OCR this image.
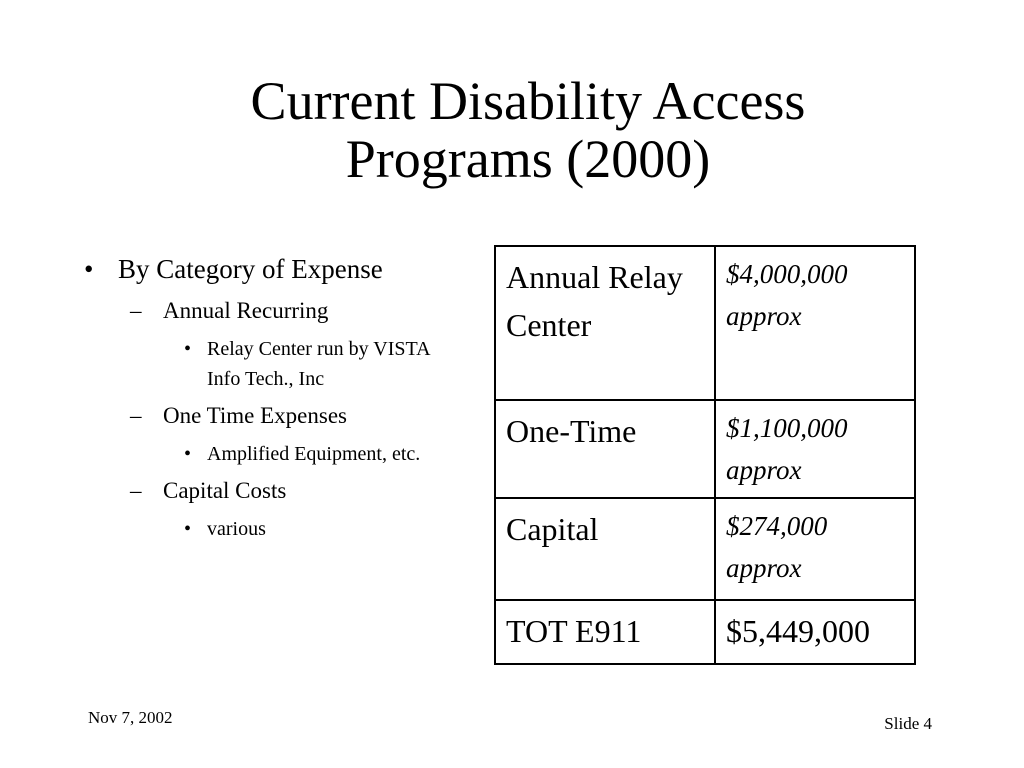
Current Disability Access
Programs (2000)
• By Category of Expense
– Annual Recurring
• Relay Center run by VISTA Info Tech., Inc
– One Time Expenses
• Amplified Equipment, etc.
– Capital Costs
• various
Annual Relay Center	$4,000,000
approx

One-Time	$1,100,000
approx

Capital	$274,000
approx

TOT E911	$5,449,000
Nov 7, 2002	Slide 4
